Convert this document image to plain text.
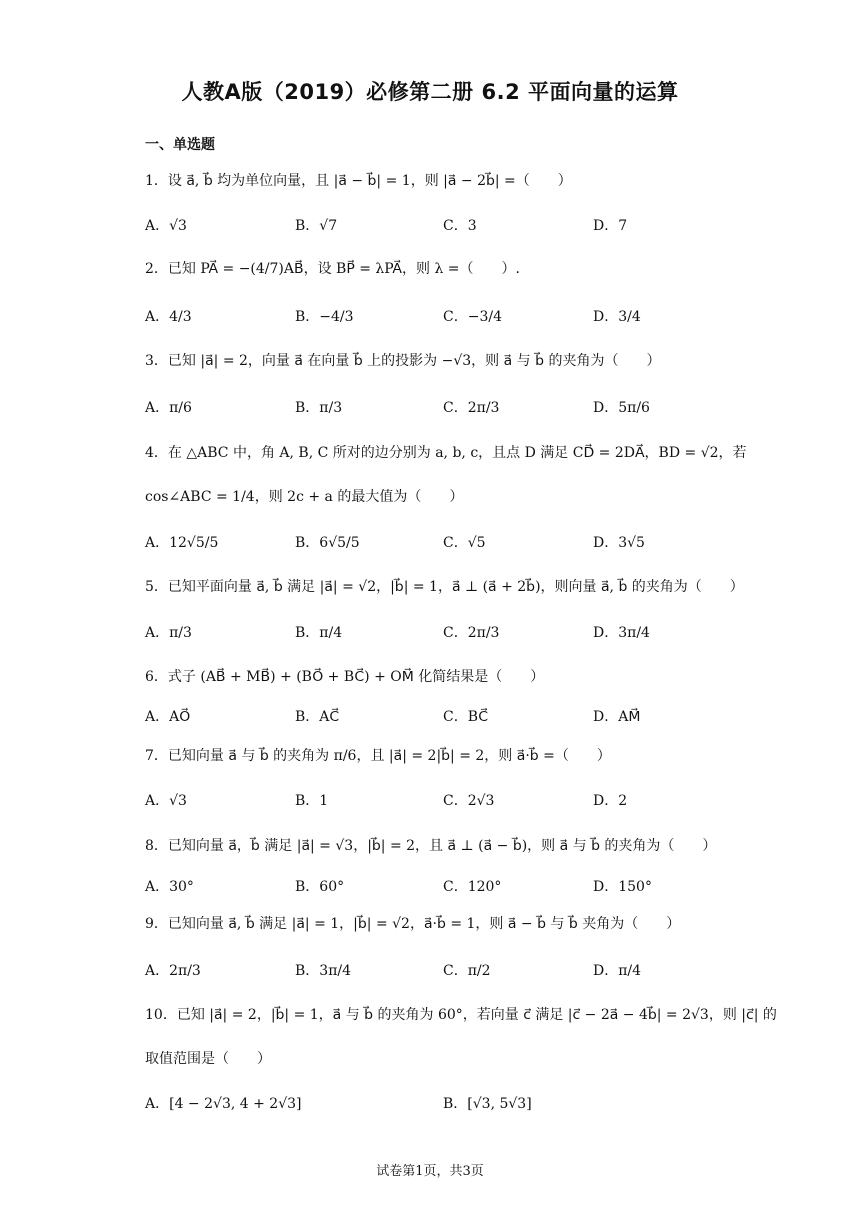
人教A版（2019）必修第二册 6.2 平面向量的运算
一、单选题
1．设 a⃗, b⃗ 均为单位向量，且 |a⃗ − b⃗| = 1，则 |a⃗ − 2b⃗| =（　　）
A．√3	B．√7	C．3	D．7
2．已知 PA⃗ = −(4/7)AB⃗，设 BP⃗ = λPA⃗，则 λ =（　　）.
A．4/3	B．−4/3	C．−3/4	D．3/4
3．已知 |a⃗| = 2，向量 a⃗ 在向量 b⃗ 上的投影为 −√3，则 a⃗ 与 b⃗ 的夹角为（　　）
A．π/6	B．π/3	C．2π/3	D．5π/6
4．在 △ABC 中，角 A, B, C 所对的边分别为 a, b, c，且点 D 满足 CD⃗ = 2DA⃗，BD = √2，若
cos∠ABC = 1/4，则 2c + a 的最大值为（　　）
A．12√5/5	B．6√5/5	C．√5	D．3√5
5．已知平面向量 a⃗, b⃗ 满足 |a⃗| = √2，|b⃗| = 1，a⃗ ⊥ (a⃗ + 2b⃗)，则向量 a⃗, b⃗ 的夹角为（　　）
A．π/3	B．π/4	C．2π/3	D．3π/4
6．式子 (AB⃗ + MB⃗) + (BO⃗ + BC⃗) + OM⃗ 化简结果是（　　）
A．AO⃗	B．AC⃗	C．BC⃗	D．AM⃗
7．已知向量 a⃗ 与 b⃗ 的夹角为 π/6，且 |a⃗| = 2|b⃗| = 2，则 a⃗·b⃗ =（　　）
A．√3	B．1	C．2√3	D．2
8．已知向量 a⃗，b⃗ 满足 |a⃗| = √3，|b⃗| = 2，且 a⃗ ⊥ (a⃗ − b⃗)，则 a⃗ 与 b⃗ 的夹角为（　　）
A．30°	B．60°	C．120°	D．150°
9．已知向量 a⃗, b⃗ 满足 |a⃗| = 1，|b⃗| = √2，a⃗·b⃗ = 1，则 a⃗ − b⃗ 与 b⃗ 夹角为（　　）
A．2π/3	B．3π/4	C．π/2	D．π/4
10．已知 |a⃗| = 2，|b⃗| = 1，a⃗ 与 b⃗ 的夹角为 60°，若向量 c⃗ 满足 |c⃗ − 2a⃗ − 4b⃗| = 2√3，则 |c⃗| 的
取值范围是（　　）
A．[4 − 2√3, 4 + 2√3]	B．[√3, 5√3]
试卷第1页，共3页
